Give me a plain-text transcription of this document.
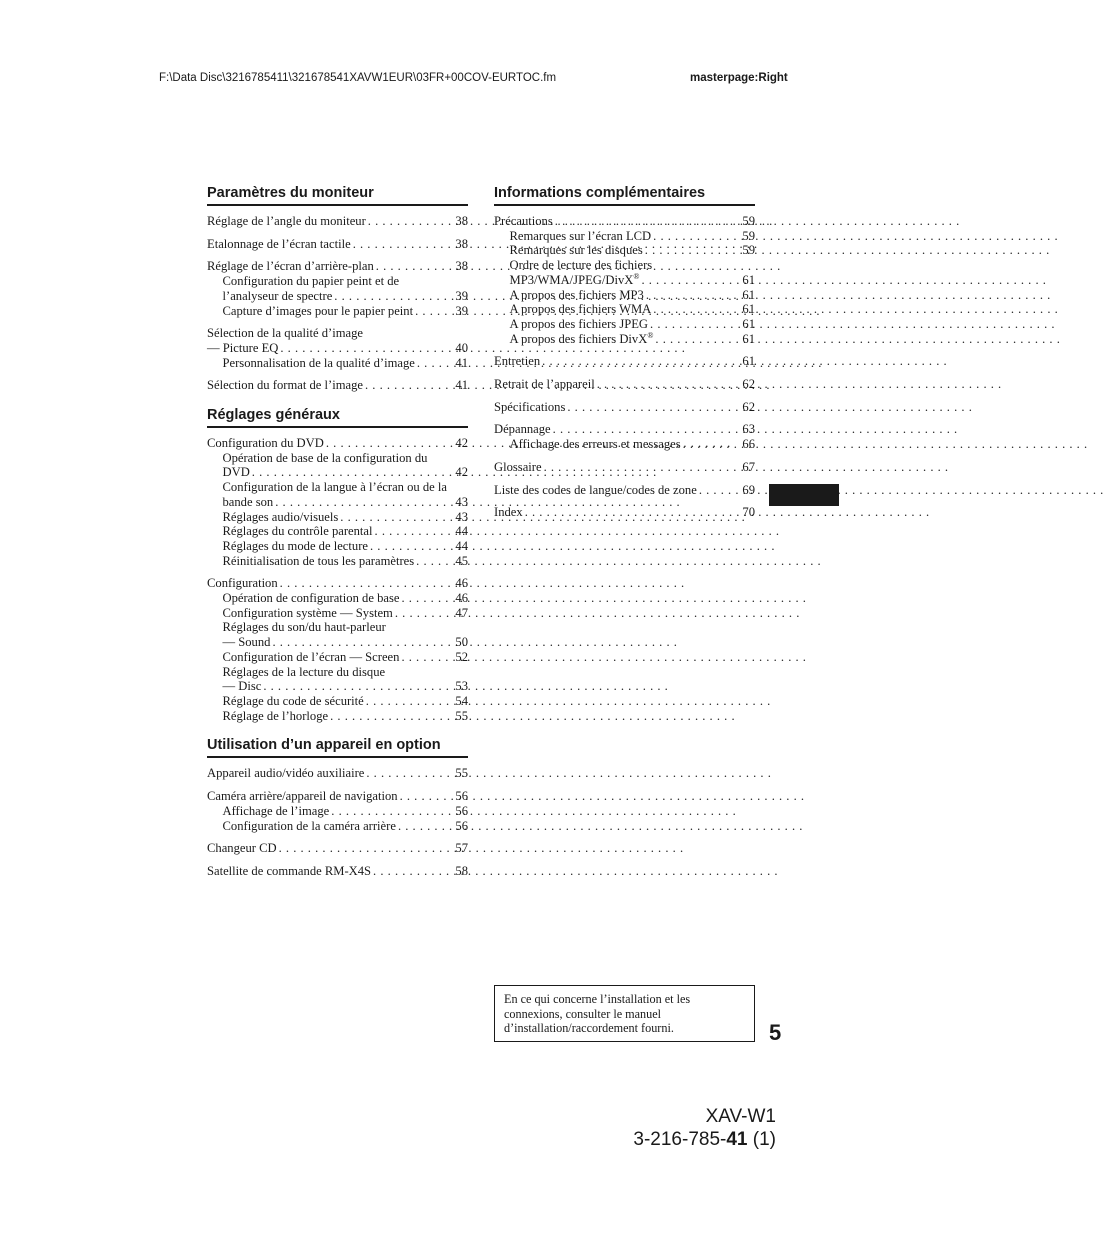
F:\Data Disc\3216785411\321678541XAVW1EUR\03FR+00COV-EURTOC.fm	masterpage:Right
Paramètres du moniteur
Réglage de l’angle du moniteur . . .	38
Etalonnage de l’écran tactile . . .	38
Réglage de l’écran d’arrière-plan . . .	38
Configuration du papier peint et de
l’analyseur de spectre . . .	39
Capture d’images pour le papier peint . . .	39
Sélection de la qualité d’image
— Picture EQ . . .	40
Personnalisation de la qualité d’image . . .	41
Sélection du format de l’image . . .	41
Réglages généraux
Configuration du DVD . . .	42
Opération de base de la configuration du
DVD . . .	42
Configuration de la langue à l’écran ou de la
bande son . . .	43
Réglages audio/visuels . . .	43
Réglages du contrôle parental . . .	44
Réglages du mode de lecture . . .	44
Réinitialisation de tous les paramètres . . .	45
Configuration . . .	46
Opération de configuration de base . . .	46
Configuration système — System . . .	47
Réglages du son/du haut-parleur
— Sound . . .	50
Configuration de l’écran — Screen . . .	52
Réglages de la lecture du disque
— Disc . . .	53
Réglage du code de sécurité . . .	54
Réglage de l’horloge . . .	55
Utilisation d’un appareil en option
Appareil audio/vidéo auxiliaire . . .	55
Caméra arrière/appareil de navigation . . .	56
Affichage de l’image . . .	56
Configuration de la caméra arrière . . .	56
Changeur CD . . .	57
Satellite de commande RM-X4S . . .	58
Informations complémentaires
Précautions . . .	59
Remarques sur l’écran LCD . . .	59
Remarques sur les disques . . .	59
Ordre de lecture des fichiers
MP3/WMA/JPEG/DivX® . . .	61
A propos des fichiers MP3 . . .	61
A propos des fichiers WMA . . .	61
A propos des fichiers JPEG . . .	61
A propos des fichiers DivX® . . .	61
Entretien . . .	61
Retrait de l’appareil . . .	62
Spécifications . . .	62
Dépannage . . .	63
Affichage des erreurs et messages . . .	66
Glossaire . . .	67
Liste des codes de langue/codes de zone . . .	69
Index . . .	70
En ce qui concerne l’installation et les
connexions, consulter le manuel
d’installation/raccordement fourni.	5
XAV-W1
3-216-785-41 (1)
